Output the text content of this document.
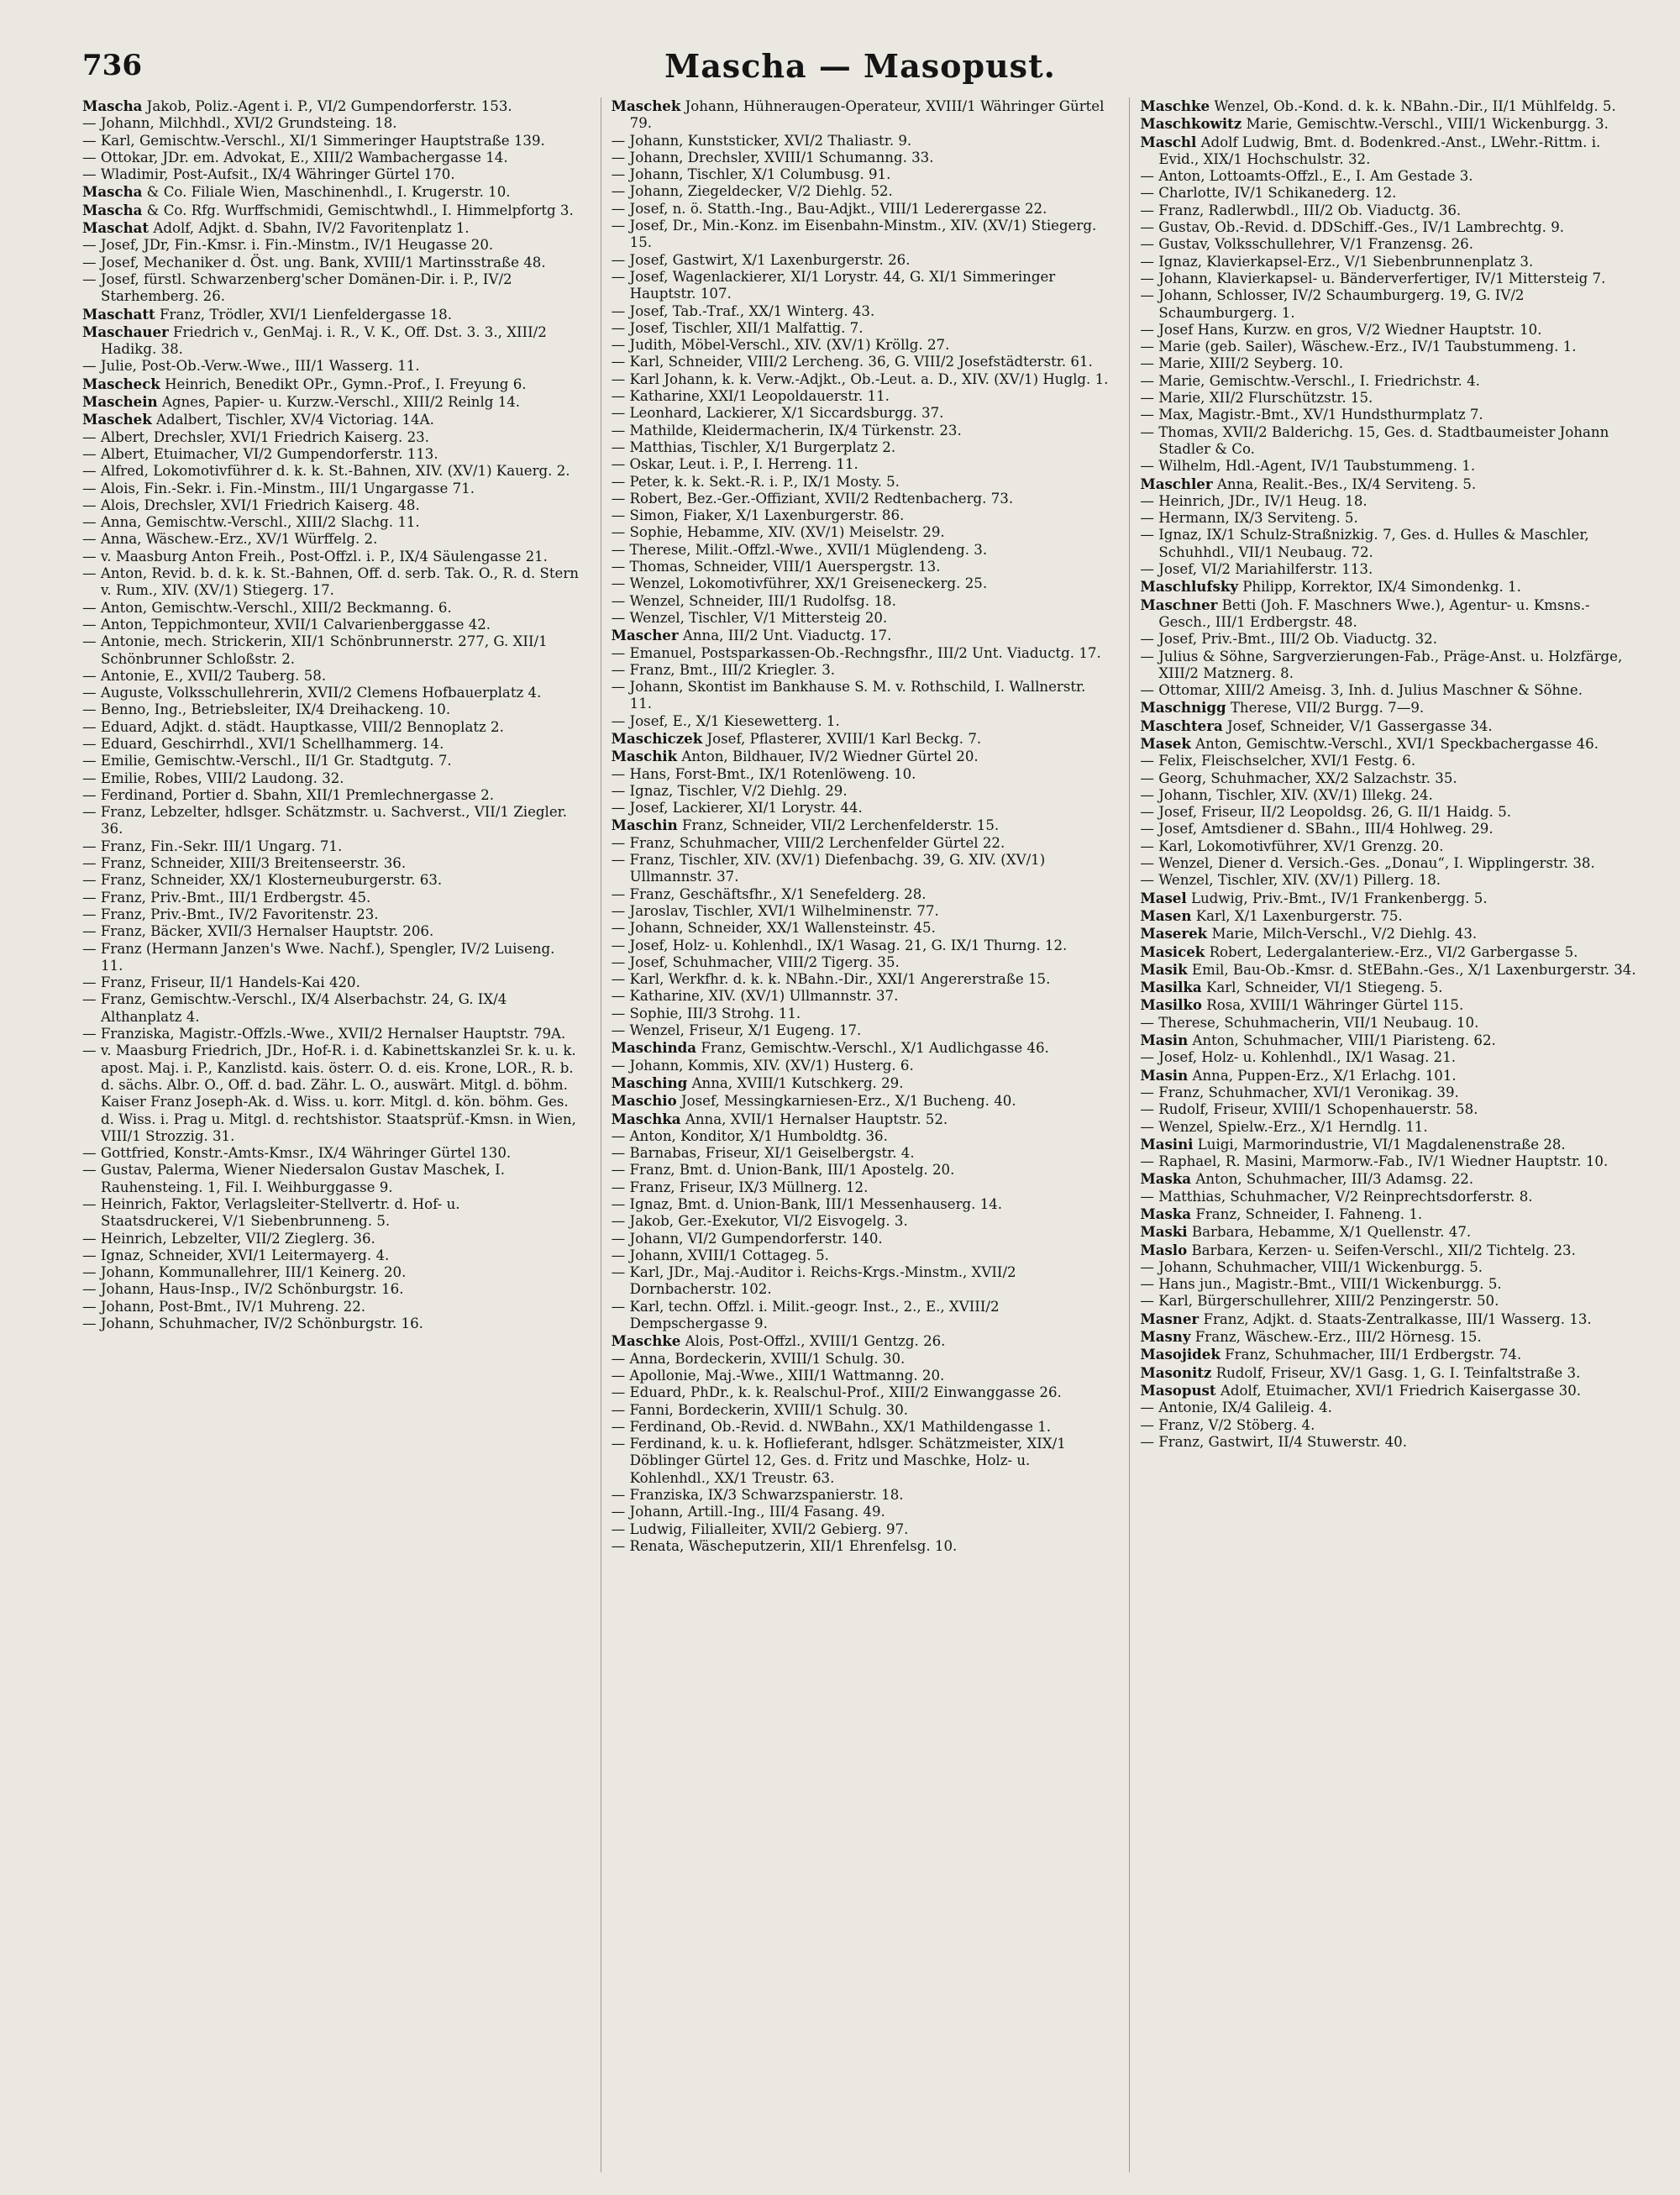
736	Mascha — Masopust.

Mascha Jakob, Poliz.-Agent i. P., VI/2 Gumpendorferstr. 153.

— Johann, Milchhdl., XVI/2 Grundsteing. 18.

— Karl, Gemischtw.-Verschl., XI/1 Simmeringer Hauptstraße 139.

— Ottokar, JDr. em. Advokat, E., XIII/2 Wambachergasse 14.

— Wladimir, Post-Aufsit., IX/4 Währinger Gürtel 170.

Mascha & Co. Filiale Wien, Maschinenhdl., I. Krugerstr. 10.

Mascha & Co. Rfg. Wurffschmidi, Gemischtwhdl., I. Himmelpfortg 3.

Maschat Adolf, Adjkt. d. Sbahn, IV/2 Favoritenplatz 1.

— Josef, JDr, Fin.-Kmsr. i. Fin.-Minstm., IV/1 Heugasse 20.

— Josef, Mechaniker d. Öst. ung. Bank, XVIII/1 Martinsstraße 48.

— Josef, fürstl. Schwarzenberg'scher Domänen-Dir. i. P., IV/2 Starhemberg. 26.

Maschatt Franz, Trödler, XVI/1 Lienfeldergasse 18.

Maschauer Friedrich v., GenMaj. i. R., V. K., Off. Dst. 3. 3., XIII/2 Hadikg. 38.

— Julie, Post-Ob.-Verw.-Wwe., III/1 Wasserg. 11.

Mascheck Heinrich, Benedikt OPr., Gymn.-Prof., I. Freyung 6.

Maschein Agnes, Papier- u. Kurzw.-Verschl., XIII/2 Reinlg 14.

Maschek Adalbert, Tischler, XV/4 Victoriag. 14A.

— Albert, Drechsler, XVI/1 Friedrich Kaiserg. 23.

— Albert, Etuimacher, VI/2 Gumpendorferstr. 113.

— Alfred, Lokomotivführer d. k. k. St.-Bahnen, XIV. (XV/1) Kauerg. 2.

— Alois, Fin.-Sekr. i. Fin.-Minstm., III/1 Ungargasse 71.

— Alois, Drechsler, XVI/1 Friedrich Kaiserg. 48.

— Anna, Gemischtw.-Verschl., XIII/2 Slachg. 11.

— Anna, Wäschew.-Erz., XV/1 Würffelg. 2.

— v. Maasburg Anton Freih., Post-Offzl. i. P., IX/4 Säulengasse 21.

— Anton, Revid. b. d. k. k. St.-Bahnen, Off. d. serb. Tak. O., R. d. Stern v. Rum., XIV. (XV/1) Stiegerg. 17.

— Anton, Gemischtw.-Verschl., XIII/2 Beckmanng. 6.

— Anton, Teppichmonteur, XVII/1 Calvarienberggasse 42.

— Antonie, mech. Strickerin, XII/1 Schönbrunnerstr. 277, G. XII/1 Schönbrunner Schloßstr. 2.

— Antonie, E., XVII/2 Tauberg. 58.

— Auguste, Volksschullehrerin, XVII/2 Clemens Hofbauerplatz 4.

— Benno, Ing., Betriebsleiter, IX/4 Dreihackeng. 10.

— Eduard, Adjkt. d. städt. Hauptkasse, VIII/2 Bennoplatz 2.

— Eduard, Geschirrhdl., XVI/1 Schellhammerg. 14.

— Emilie, Gemischtw.-Verschl., II/1 Gr. Stadtgutg. 7.

— Emilie, Robes, VIII/2 Laudong. 32.

— Ferdinand, Portier d. Sbahn, XII/1 Premlechnergasse 2.

— Franz, Lebzelter, hdlsger. Schätzmstr. u. Sachverst., VII/1 Ziegler. 36.

— Franz, Fin.-Sekr. III/1 Ungarg. 71.

— Franz, Schneider, XIII/3 Breitenseerstr. 36.

— Franz, Schneider, XX/1 Klosterneuburgerstr. 63.

— Franz, Priv.-Bmt., III/1 Erdbergstr. 45.

— Franz, Priv.-Bmt., IV/2 Favoritenstr. 23.

— Franz, Bäcker, XVII/3 Hernalser Hauptstr. 206.

— Franz (Hermann Janzen's Wwe. Nachf.), Spengler, IV/2 Luiseng. 11.

— Franz, Friseur, II/1 Handels-Kai 420.

— Franz, Gemischtw.-Verschl., IX/4 Alserbachstr. 24, G. IX/4 Althanplatz 4.

— Franziska, Magistr.-Offzls.-Wwe., XVII/2 Hernalser Hauptstr. 79A.

— v. Maasburg Friedrich, JDr., Hof-R. i. d. Kabinettskanzlei Sr. k. u. k. apost. Maj. i. P., Kanzlistd. kais. österr. O. d. eis. Krone, LOR., R. b. d. sächs. Albr. O., Off. d. bad. Zähr. L. O., auswärt. Mitgl. d. böhm. Kaiser Franz Joseph-Ak. d. Wiss. u. korr. Mitgl. d. kön. böhm. Ges. d. Wiss. i. Prag u. Mitgl. d. rechtshistor. Staatsprüf.-Kmsn. in Wien, VIII/1 Strozzig. 31.

— Gottfried, Konstr.-Amts-Kmsr., IX/4 Währinger Gürtel 130.

— Gustav, Palerma, Wiener Niedersalon Gustav Maschek, I. Rauhensteing. 1, Fil. I. Weihburggasse 9.

— Heinrich, Faktor, Verlagsleiter-Stellvertr. d. Hof- u. Staatsdruckerei, V/1 Siebenbrunneng. 5.

— Heinrich, Lebzelter, VII/2 Zieglerg. 36.

— Ignaz, Schneider, XVI/1 Leitermayerg. 4.

— Johann, Kommunallehrer, III/1 Keinerg. 20.

— Johann, Haus-Insp., IV/2 Schönburgstr. 16.

— Johann, Post-Bmt., IV/1 Muhreng. 22.

— Johann, Schuhmacher, IV/2 Schönburgstr. 16.

Maschek Johann, Hühneraugen-Operateur, XVIII/1 Währinger Gürtel 79.

— Johann, Kunststicker, XVI/2 Thaliastr. 9.

— Johann, Drechsler, XVIII/1 Schumanng. 33.

— Johann, Tischler, X/1 Columbusg. 91.

— Johann, Ziegeldecker, V/2 Diehlg. 52.

— Josef, n. ö. Statth.-Ing., Bau-Adjkt., VIII/1 Lederergasse 22.

— Josef, Dr., Min.-Konz. im Eisenbahn-Minstm., XIV. (XV/1) Stiegerg. 15.

— Josef, Gastwirt, X/1 Laxenburgerstr. 26.

— Josef, Wagenlackierer, XI/1 Lorystr. 44, G. XI/1 Simmeringer Hauptstr. 107.

— Josef, Tab.-Traf., XX/1 Winterg. 43.

— Josef, Tischler, XII/1 Malfattig. 7.

— Judith, Möbel-Verschl., XIV. (XV/1) Kröllg. 27.

— Karl, Schneider, VIII/2 Lercheng. 36, G. VIII/2 Josefstädterstr. 61.

— Karl Johann, k. k. Verw.-Adjkt., Ob.-Leut. a. D., XIV. (XV/1) Huglg. 1.

— Katharine, XXI/1 Leopoldauerstr. 11.

— Leonhard, Lackierer, X/1 Siccardsburgg. 37.

— Mathilde, Kleidermacherin, IX/4 Türkenstr. 23.

— Matthias, Tischler, X/1 Burgerplatz 2.

— Oskar, Leut. i. P., I. Herreng. 11.

— Peter, k. k. Sekt.-R. i. P., IX/1 Mosty. 5.

— Robert, Bez.-Ger.-Offiziant, XVII/2 Redtenbacherg. 73.

— Simon, Fiaker, X/1 Laxenburgerstr. 86.

— Sophie, Hebamme, XIV. (XV/1) Meiselstr. 29.

— Therese, Milit.-Offzl.-Wwe., XVII/1 Müglendeng. 3.

— Thomas, Schneider, VIII/1 Auerspergstr. 13.

— Wenzel, Lokomotivführer, XX/1 Greiseneckerg. 25.

— Wenzel, Schneider, III/1 Rudolfsg. 18.

— Wenzel, Tischler, V/1 Mittersteig 20.

Mascher Anna, III/2 Unt. Viaductg. 17.

— Emanuel, Postsparkassen-Ob.-Rechngsfhr., III/2 Unt. Viaductg. 17.

— Franz, Bmt., III/2 Kriegler. 3.

— Johann, Skontist im Bankhause S. M. v. Rothschild, I. Wallnerstr. 11.

— Josef, E., X/1 Kiesewetterg. 1.

Maschiczek Josef, Pflasterer, XVIII/1 Karl Beckg. 7.

Maschik Anton, Bildhauer, IV/2 Wiedner Gürtel 20.

— Hans, Forst-Bmt., IX/1 Rotenlöweng. 10.

— Ignaz, Tischler, V/2 Diehlg. 29.

— Josef, Lackierer, XI/1 Lorystr. 44.

Maschin Franz, Schneider, VII/2 Lerchenfelderstr. 15.

— Franz, Schuhmacher, VIII/2 Lerchenfelder Gürtel 22.

— Franz, Tischler, XIV. (XV/1) Diefenbachg. 39, G. XIV. (XV/1) Ullmannstr. 37.

— Franz, Geschäftsfhr., X/1 Senefelderg. 28.

— Jaroslav, Tischler, XVI/1 Wilhelminenstr. 77.

— Johann, Schneider, XX/1 Wallensteinstr. 45.

— Josef, Holz- u. Kohlenhdl., IX/1 Wasag. 21, G. IX/1 Thurng. 12.

— Josef, Schuhmacher, VIII/2 Tigerg. 35.

— Karl, Werkfhr. d. k. k. NBahn.-Dir., XXI/1 Angererstraße 15.

— Katharine, XIV. (XV/1) Ullmannstr. 37.

— Sophie, III/3 Strohg. 11.

— Wenzel, Friseur, X/1 Eugeng. 17.

Maschinda Franz, Gemischtw.-Verschl., X/1 Audlichgasse 46.

— Johann, Kommis, XIV. (XV/1) Husterg. 6.

Masching Anna, XVIII/1 Kutschkerg. 29.

Maschio Josef, Messingkarniesen-Erz., X/1 Bucheng. 40.

Maschka Anna, XVII/1 Hernalser Hauptstr. 52.

— Anton, Konditor, X/1 Humboldtg. 36.

— Barnabas, Friseur, XI/1 Geiselbergstr. 4.

— Franz, Bmt. d. Union-Bank, III/1 Apostelg. 20.

— Franz, Friseur, IX/3 Müllnerg. 12.

— Ignaz, Bmt. d. Union-Bank, III/1 Messenhauserg. 14.

— Jakob, Ger.-Exekutor, VI/2 Eisvogelg. 3.

— Johann, VI/2 Gumpendorferstr. 140.

— Johann, XVIII/1 Cottageg. 5.

— Karl, JDr., Maj.-Auditor i. Reichs-Krgs.-Minstm., XVII/2 Dornbacherstr. 102.

— Karl, techn. Offzl. i. Milit.-geogr. Inst., 2., E., XVIII/2 Dempschergasse 9.

Maschke Alois, Post-Offzl., XVIII/1 Gentzg. 26.

— Anna, Bordeckerin, XVIII/1 Schulg. 30.

— Apollonie, Maj.-Wwe., XIII/1 Wattmanng. 20.

— Eduard, PhDr., k. k. Realschul-Prof., XIII/2 Einwanggasse 26.

— Fanni, Bordeckerin, XVIII/1 Schulg. 30.

— Ferdinand, Ob.-Revid. d. NWBahn., XX/1 Mathildengasse 1.

— Ferdinand, k. u. k. Hoflieferant, hdlsger. Schätzmeister, XIX/1 Döblinger Gürtel 12, Ges. d. Fritz und Maschke, Holz- u. Kohlenhdl., XX/1 Treustr. 63.

— Franziska, IX/3 Schwarzspanierstr. 18.

— Johann, Artill.-Ing., III/4 Fasang. 49.

— Ludwig, Filialleiter, XVII/2 Gebierg. 97.

— Renata, Wäscheputzerin, XII/1 Ehrenfelsg. 10.

Maschke Wenzel, Ob.-Kond. d. k. k. NBahn.-Dir., II/1 Mühlfeldg. 5.

Maschkowitz Marie, Gemischtw.-Verschl., VIII/1 Wickenburgg. 3.

Maschl Adolf Ludwig, Bmt. d. Bodenkred.-Anst., LWehr.-Rittm. i. Evid., XIX/1 Hochschulstr. 32.

— Anton, Lottoamts-Offzl., E., I. Am Gestade 3.

— Charlotte, IV/1 Schikanederg. 12.

— Franz, Radlerwbdl., III/2 Ob. Viaductg. 36.

— Gustav, Ob.-Revid. d. DDSchiff.-Ges., IV/1 Lambrechtg. 9.

— Gustav, Volksschullehrer, V/1 Franzensg. 26.

— Ignaz, Klavierkapsel-Erz., V/1 Siebenbrunnenplatz 3.

— Johann, Klavierkapsel- u. Bänderverfertiger, IV/1 Mittersteig 7.

— Johann, Schlosser, IV/2 Schaumburgerg. 19, G. IV/2 Schaumburgerg. 1.

— Josef Hans, Kurzw. en gros, V/2 Wiedner Hauptstr. 10.

— Marie (geb. Sailer), Wäschew.-Erz., IV/1 Taubstummeng. 1.

— Marie, XIII/2 Seyberg. 10.

— Marie, Gemischtw.-Verschl., I. Friedrichstr. 4.

— Marie, XII/2 Flurschützstr. 15.

— Max, Magistr.-Bmt., XV/1 Hundsthurmplatz 7.

— Thomas, XVII/2 Balderichg. 15, Ges. d. Stadtbaumeister Johann Stadler & Co.

— Wilhelm, Hdl.-Agent, IV/1 Taubstummeng. 1.

Maschler Anna, Realit.-Bes., IX/4 Serviteng. 5.

— Heinrich, JDr., IV/1 Heug. 18.

— Hermann, IX/3 Serviteng. 5.

— Ignaz, IX/1 Schulz-Straßnizkig. 7, Ges. d. Hulles & Maschler, Schuhhdl., VII/1 Neubaug. 72.

— Josef, VI/2 Mariahilferstr. 113.

Maschlufsky Philipp, Korrektor, IX/4 Simondenkg. 1.

Maschner Betti (Joh. F. Maschners Wwe.), Agentur- u. Kmsns.-Gesch., III/1 Erdbergstr. 48.

— Josef, Priv.-Bmt., III/2 Ob. Viaductg. 32.

— Julius & Söhne, Sargverzierungen-Fab., Präge-Anst. u. Holzfärge, XIII/2 Matznerg. 8.

— Ottomar, XIII/2 Ameisg. 3, Inh. d. Julius Maschner & Söhne.

Maschnigg Therese, VII/2 Burgg. 7—9.

Maschtera Josef, Schneider, V/1 Gassergasse 34.

Masek Anton, Gemischtw.-Verschl., XVI/1 Speckbachergasse 46.

— Felix, Fleischselcher, XVI/1 Festg. 6.

— Georg, Schuhmacher, XX/2 Salzachstr. 35.

— Johann, Tischler, XIV. (XV/1) Illekg. 24.

— Josef, Friseur, II/2 Leopoldsg. 26, G. II/1 Haidg. 5.

— Josef, Amtsdiener d. SBahn., III/4 Hohlweg. 29.

— Karl, Lokomotivführer, XV/1 Grenzg. 20.

— Wenzel, Diener d. Versich.-Ges. „Donau“, I. Wipplingerstr. 38.

— Wenzel, Tischler, XIV. (XV/1) Pillerg. 18.

Masel Ludwig, Priv.-Bmt., IV/1 Frankenbergg. 5.

Masen Karl, X/1 Laxenburgerstr. 75.

Maserek Marie, Milch-Verschl., V/2 Diehlg. 43.

Masicek Robert, Ledergalanteriew.-Erz., VI/2 Garbergasse 5.

Masik Emil, Bau-Ob.-Kmsr. d. StEBahn.-Ges., X/1 Laxenburgerstr. 34.

Masilka Karl, Schneider, VI/1 Stiegeng. 5.

Masilko Rosa, XVIII/1 Währinger Gürtel 115.

— Therese, Schuhmacherin, VII/1 Neubaug. 10.

Masin Anton, Schuhmacher, VIII/1 Piaristeng. 62.

— Josef, Holz- u. Kohlenhdl., IX/1 Wasag. 21.

Masin Anna, Puppen-Erz., X/1 Erlachg. 101.

— Franz, Schuhmacher, XVI/1 Veronikag. 39.

— Rudolf, Friseur, XVIII/1 Schopenhauerstr. 58.

— Wenzel, Spielw.-Erz., X/1 Herndlg. 11.

Masini Luigi, Marmorindustrie, VI/1 Magdalenenstraße 28.

— Raphael, R. Masini, Marmorw.-Fab., IV/1 Wiedner Hauptstr. 10.

Maska Anton, Schuhmacher, III/3 Adamsg. 22.

— Matthias, Schuhmacher, V/2 Reinprechtsdorferstr. 8.

Maska Franz, Schneider, I. Fahneng. 1.

Maski Barbara, Hebamme, X/1 Quellenstr. 47.

Maslo Barbara, Kerzen- u. Seifen-Verschl., XII/2 Tichtelg. 23.

— Johann, Schuhmacher, VIII/1 Wickenburgg. 5.

— Hans jun., Magistr.-Bmt., VIII/1 Wickenburgg. 5.

— Karl, Bürgerschullehrer, XIII/2 Penzingerstr. 50.

Masner Franz, Adjkt. d. Staats-Zentralkasse, III/1 Wasserg. 13.

Masny Franz, Wäschew.-Erz., III/2 Hörnesg. 15.

Masojidek Franz, Schuhmacher, III/1 Erdbergstr. 74.

Masonitz Rudolf, Friseur, XV/1 Gasg. 1, G. I. Teinfaltstraße 3.

Masopust Adolf, Etuimacher, XVI/1 Friedrich Kaisergasse 30.

— Antonie, IX/4 Galileig. 4.

— Franz, V/2 Stöberg. 4.

— Franz, Gastwirt, II/4 Stuwerstr. 40.
